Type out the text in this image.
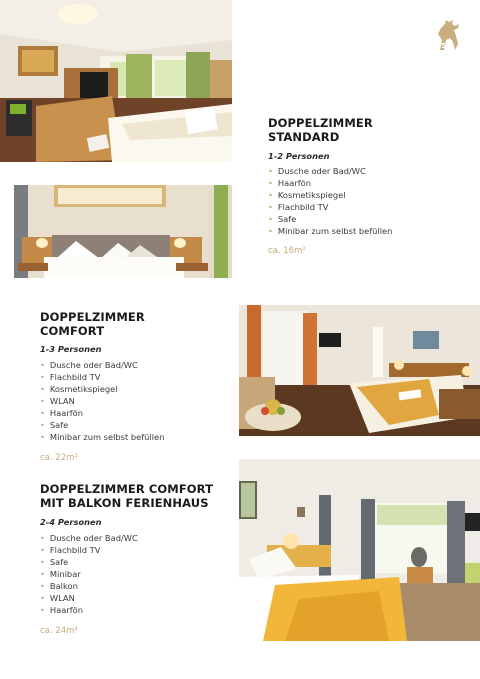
15
DOPPELZIMMER
STANDARD

1-2 Personen

• Dusche oder Bad/WC
• Haarfön
• Kosmetikspiegel
• Flachbild TV
• Safe
• Minibar zum selbst befüllen

ca. 16m²

DOPPELZIMMER
COMFORT

1-3 Personen

• Dusche oder Bad/WC
• Flachbild TV
• Kosmetikspiegel
• WLAN
• Haarfön
• Safe
• Minibar zum selbst befüllen

ca. 22m²

DOPPELZIMMER COMFORT
MIT BALKON FERIENHAUS

2-4 Personen

• Dusche oder Bad/WC
• Flachbild TV
• Safe
• Minibar
• Balkon
• WLAN
• Haarfön

ca. 24m²
